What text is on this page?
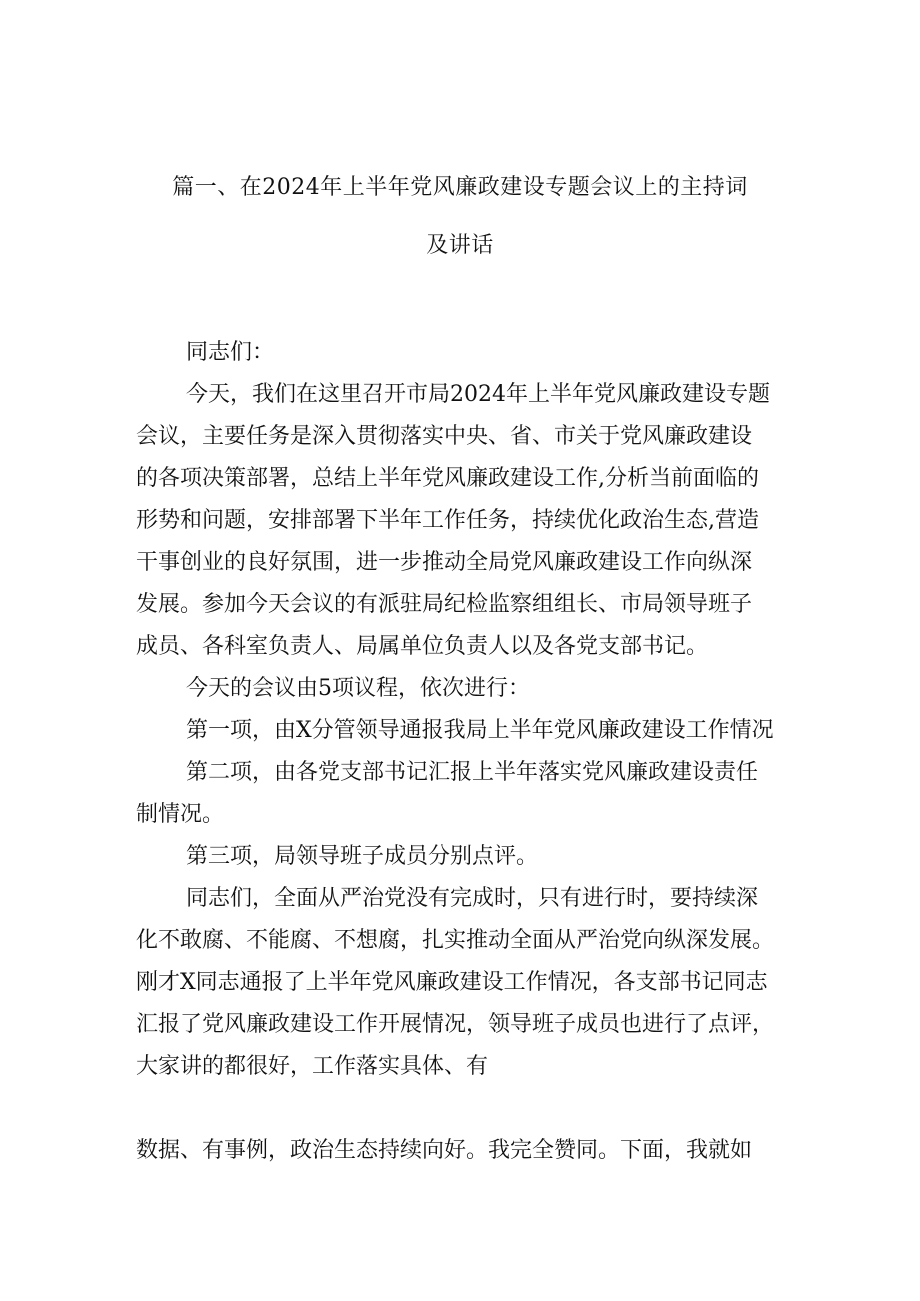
篇一、在2024年上半年党风廉政建设专题会议上的主持词
及讲话
同志们：
今天，我们在这里召开市局2024年上半年党风廉政建设专题
会议，主要任务是深入贯彻落实中央、省、市关于党风廉政建设
的各项决策部署，总结上半年党风廉政建设工作,分析当前面临的
形势和问题，安排部署下半年工作任务，持续优化政治生态,营造
干事创业的良好氛围，进一步推动全局党风廉政建设工作向纵深
发展。参加今天会议的有派驻局纪检监察组组长、市局领导班子
成员、各科室负责人、局属单位负责人以及各党支部书记。
今天的会议由5项议程，依次进行：
第一项，由X分管领导通报我局上半年党风廉政建设工作情况
第二项，由各党支部书记汇报上半年落实党风廉政建设责任
制情况。
第三项，局领导班子成员分别点评。
同志们，全面从严治党没有完成时，只有进行时，要持续深
化不敢腐、不能腐、不想腐，扎实推动全面从严治党向纵深发展。
刚才X同志通报了上半年党风廉政建设工作情况，各支部书记同志
汇报了党风廉政建设工作开展情况，领导班子成员也进行了点评，
大家讲的都很好，工作落实具体、有
数据、有事例，政治生态持续向好。我完全赞同。下面，我就如
